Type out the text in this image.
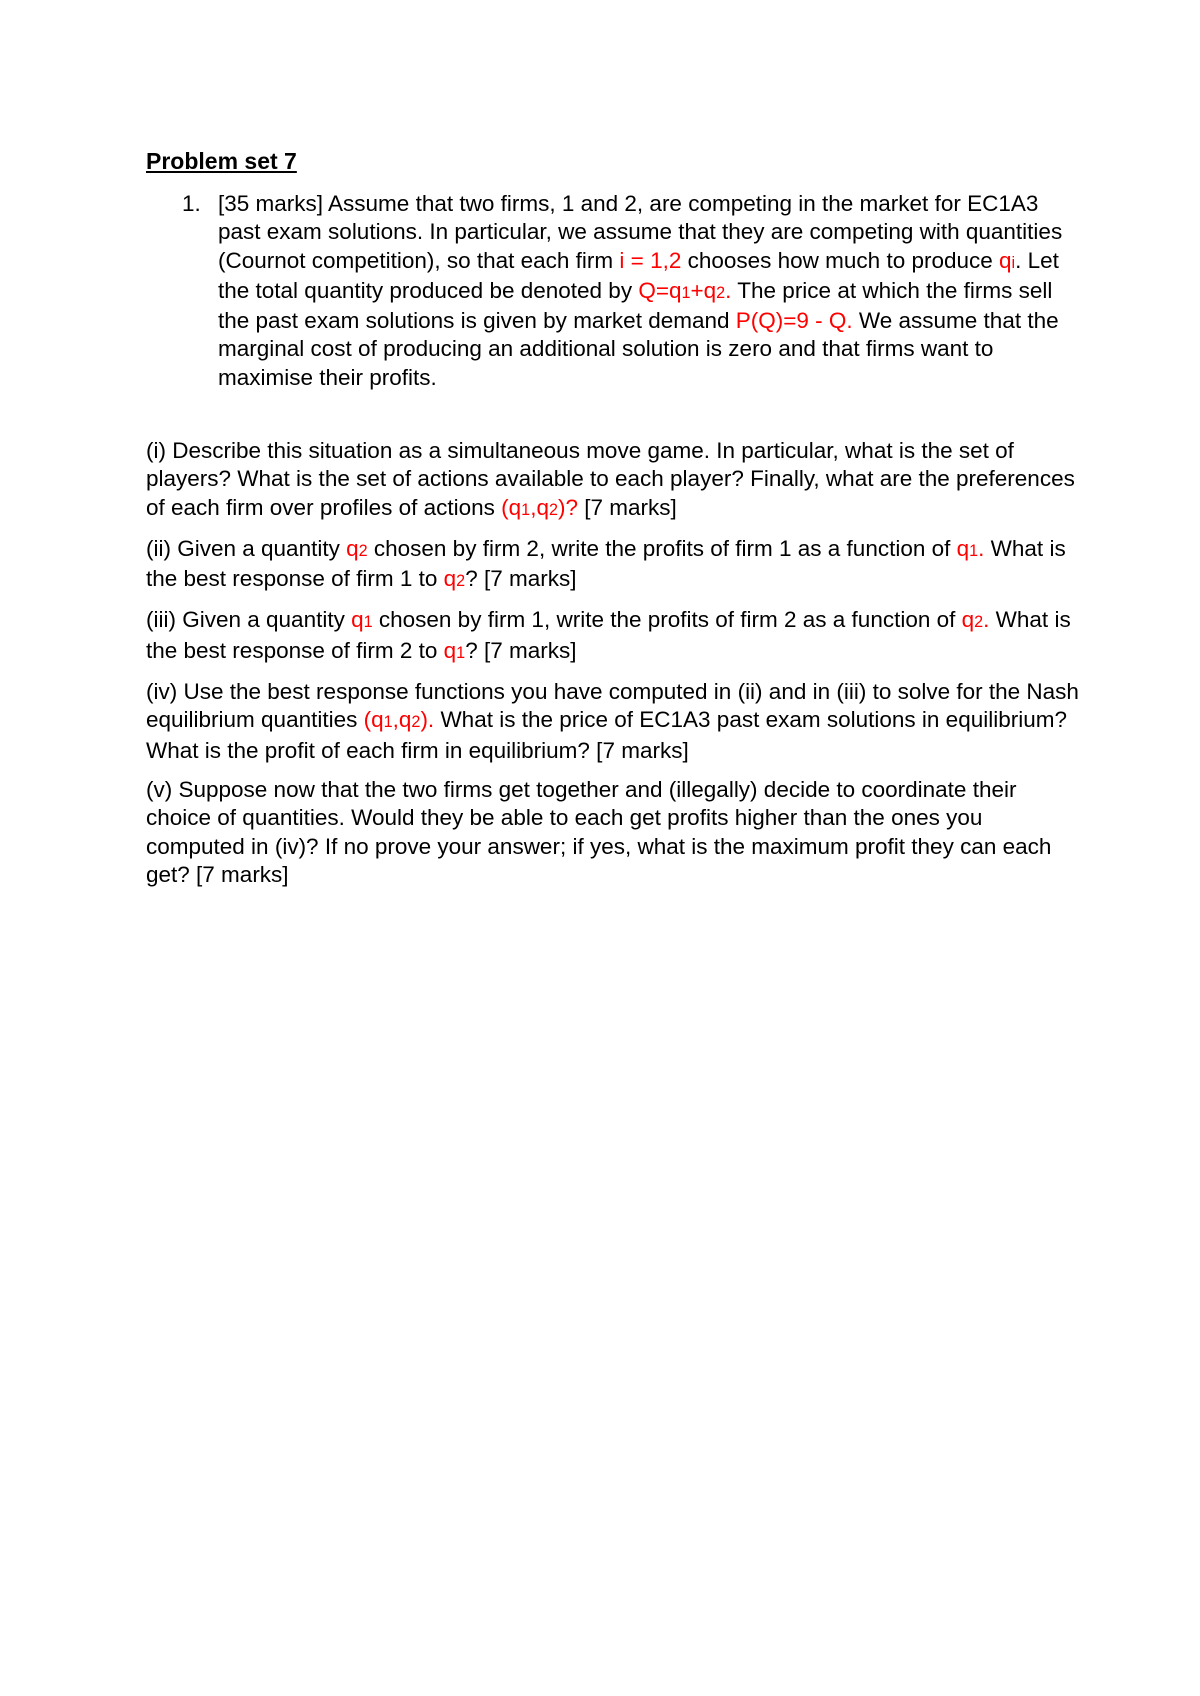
Problem set 7
1. [35 marks] Assume that two firms, 1 and 2, are competing in the market for EC1A3 past exam solutions. In particular, we assume that they are competing with quantities (Cournot competition), so that each firm i = 1,2 chooses how much to produce qi. Let the total quantity produced be denoted by Q=q1+q2. The price at which the firms sell the past exam solutions is given by market demand P(Q)=9 - Q. We assume that the marginal cost of producing an additional solution is zero and that firms want to maximise their profits.

(i) Describe this situation as a simultaneous move game. In particular, what is the set of players? What is the set of actions available to each player? Finally, what are the preferences of each firm over profiles of actions (q1,q2)? [7 marks]

(ii) Given a quantity q2 chosen by firm 2, write the profits of firm 1 as a function of q1. What is the best response of firm 1 to q2? [7 marks]

(iii) Given a quantity q1 chosen by firm 1, write the profits of firm 2 as a function of q2. What is the best response of firm 2 to q1? [7 marks]

(iv) Use the best response functions you have computed in (ii) and in (iii) to solve for the Nash equilibrium quantities (q1,q2). What is the price of EC1A3 past exam solutions in equilibrium? What is the profit of each firm in equilibrium? [7 marks]

(v) Suppose now that the two firms get together and (illegally) decide to coordinate their choice of quantities. Would they be able to each get profits higher than the ones you computed in (iv)? If no prove your answer; if yes, what is the maximum profit they can each get? [7 marks]
